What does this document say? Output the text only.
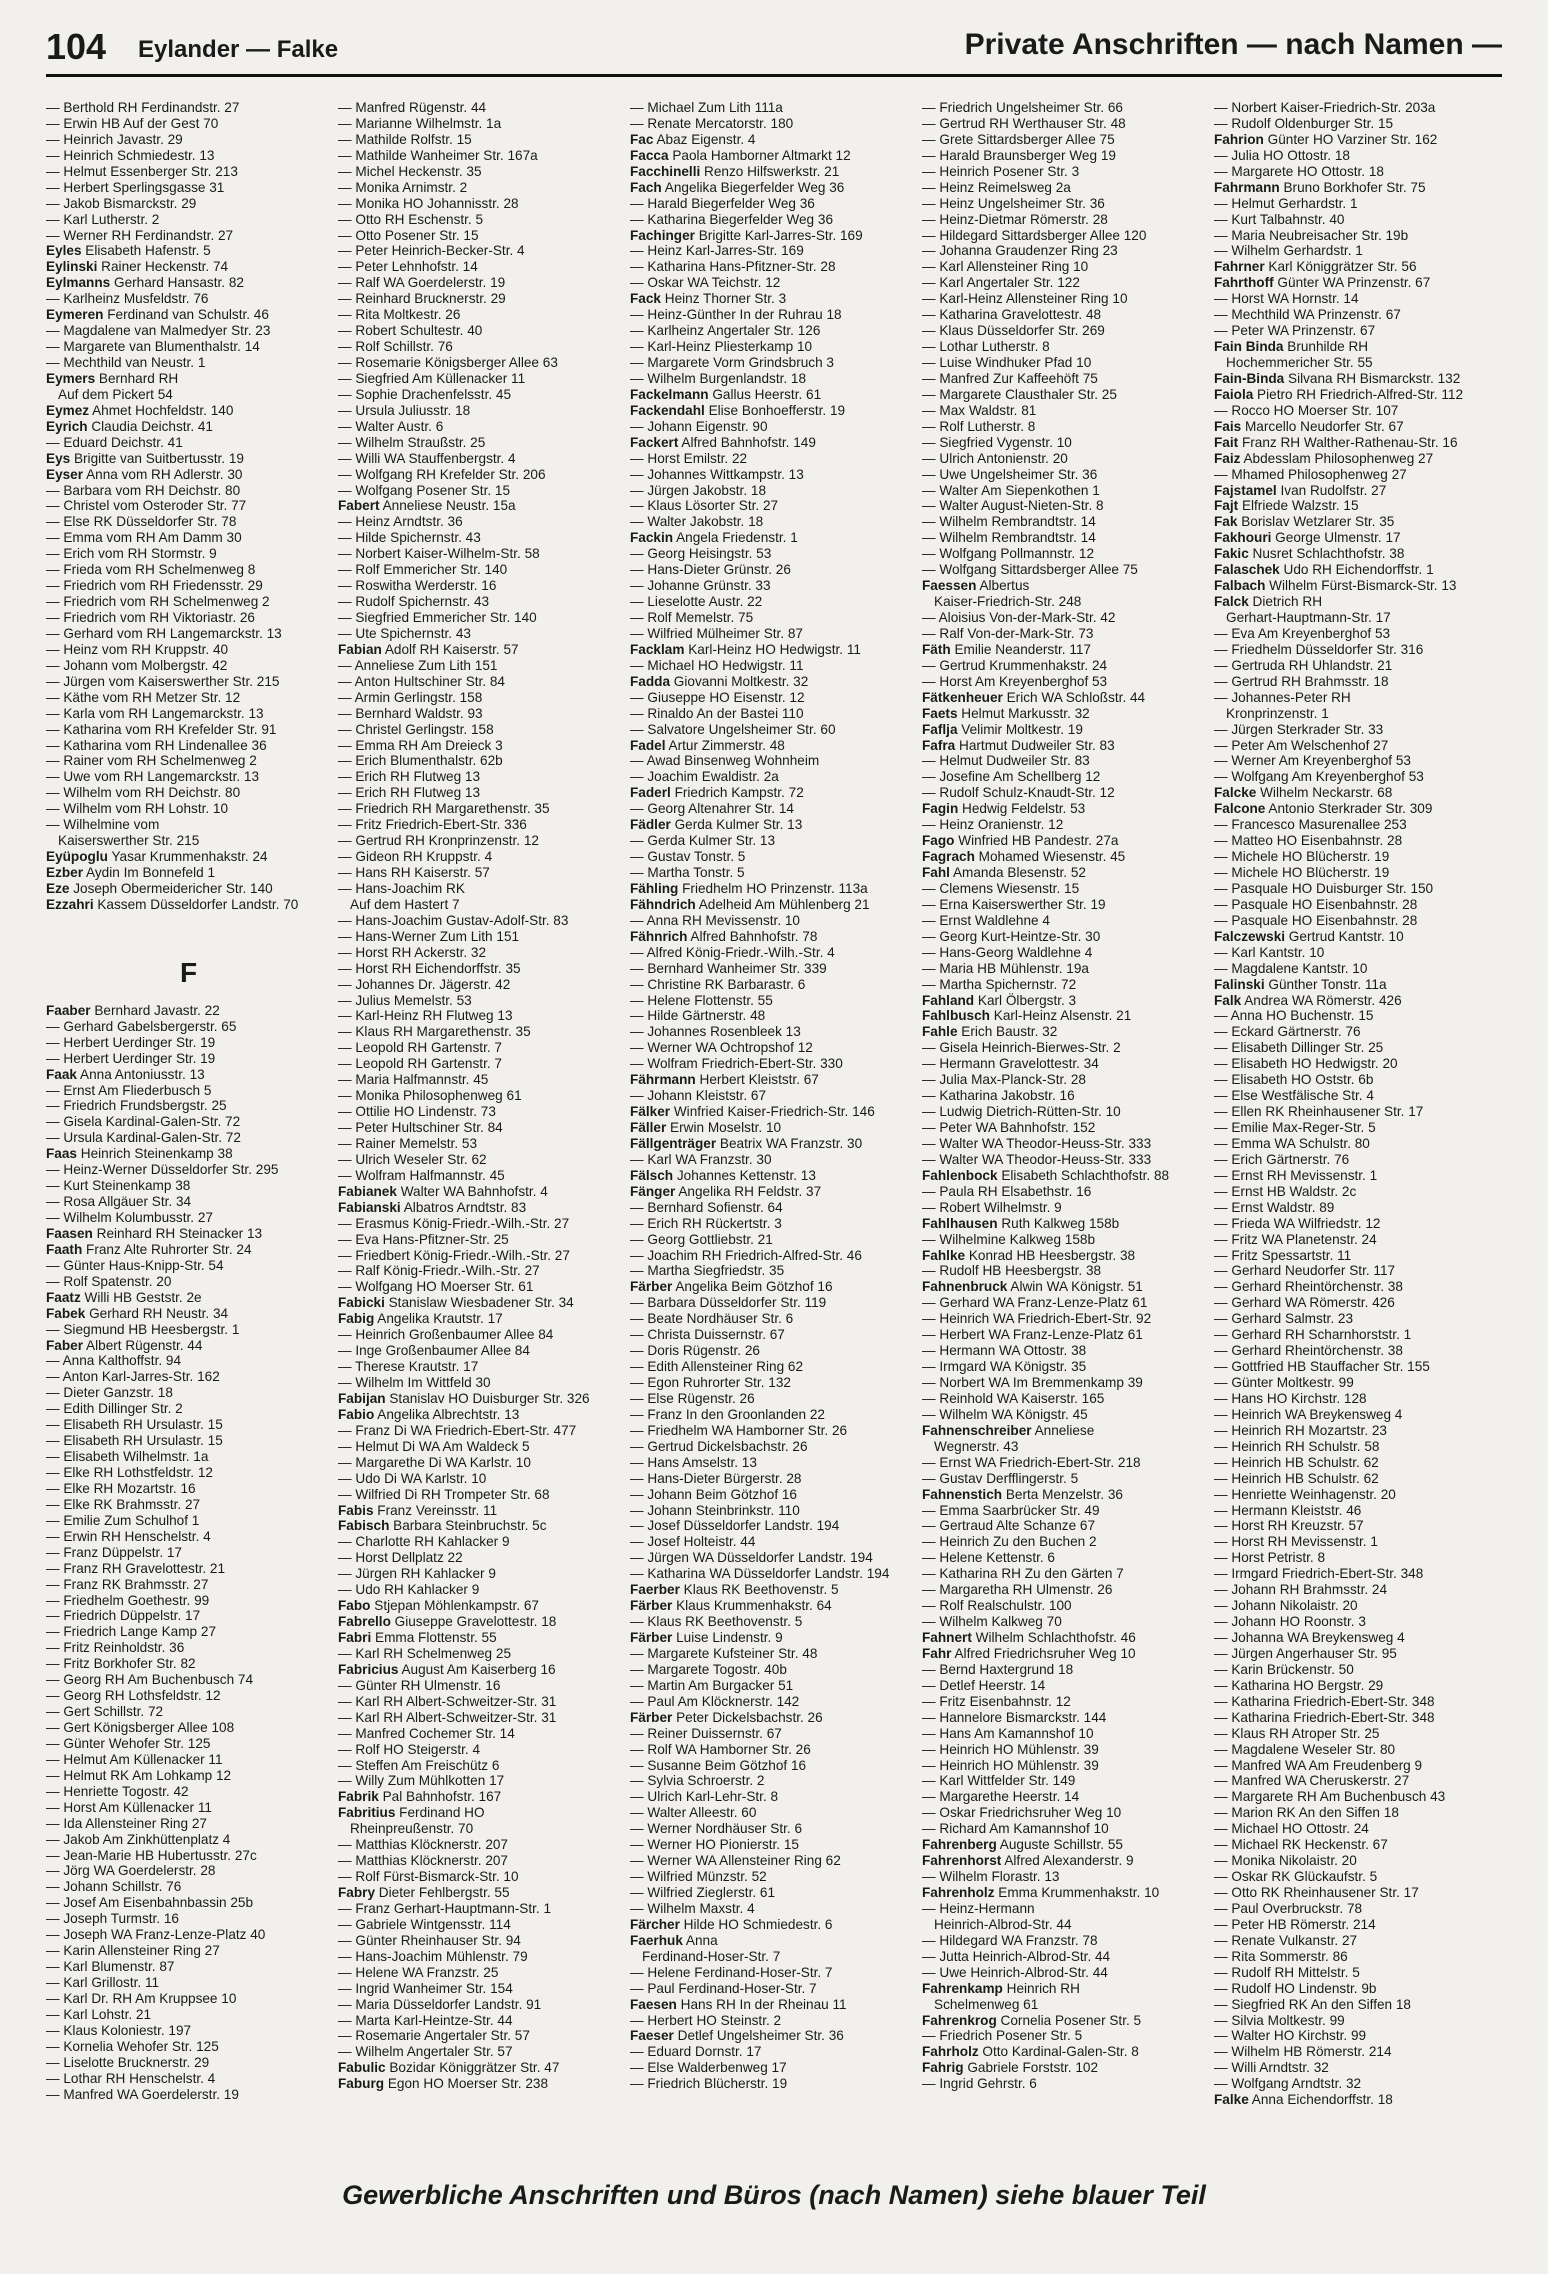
104 Eylander — Falke	Private Anschriften — nach Namen —
— Berthold RH Ferdinandstr. 27
— Erwin HB Auf der Gest 70
— Heinrich Javastr. 29
— Heinrich Schmiedestr. 13
— Helmut Essenberger Str. 213
— Herbert Sperlingsgasse 31
— Jakob Bismarckstr. 29
— Karl Lutherstr. 2
— Werner RH Ferdinandstr. 27
Eyles Elisabeth Hafenstr. 5
Eylinski Rainer Heckenstr. 74
Eylmanns Gerhard Hansastr. 82
— Karlheinz Musfeldstr. 76
Eymeren Ferdinand van Schulstr. 46
— Magdalene van Malmedyer Str. 23
— Margarete van Blumenthalstr. 14
— Mechthild van Neustr. 1
Eymers Bernhard RH
Auf dem Pickert 54
Eymez Ahmet Hochfeldstr. 140
Eyrich Claudia Deichstr. 41
— Eduard Deichstr. 41
Eys Brigitte van Suitbertusstr. 19
Eyser Anna vom RH Adlerstr. 30
— Barbara vom RH Deichstr. 80
— Christel vom Osteroder Str. 77
— Else RK Düsseldorfer Str. 78
— Emma vom RH Am Damm 30
— Erich vom RH Stormstr. 9
— Frieda vom RH Schelmenweg 8
— Friedrich vom RH Friedensstr. 29
— Friedrich vom RH Schelmenweg 2
— Friedrich vom RH Viktoriastr. 26
— Gerhard vom RH Langemarckstr. 13
— Heinz vom RH Kruppstr. 40
— Johann vom Molbergstr. 42
— Jürgen vom Kaiserswerther Str. 215
— Käthe vom RH Metzer Str. 12
— Karla vom RH Langemarckstr. 13
— Katharina vom RH Krefelder Str. 91
— Katharina vom RH Lindenallee 36
— Rainer vom RH Schelmenweg 2
— Uwe vom RH Langemarckstr. 13
— Wilhelm vom RH Deichstr. 80
— Wilhelm vom RH Lohstr. 10
— Wilhelmine vom
Kaiserswerther Str. 215
Eyüpoglu Yasar Krummenhakstr. 24
Ezber Aydin Im Bonnefeld 1
Eze Joseph Obermeidericher Str. 140
Ezzahri Kassem Düsseldorfer Landstr. 70
F
Faaber Bernhard Javastr. 22
— Gerhard Gabelsbergerstr. 65
— Herbert Uerdinger Str. 19
— Herbert Uerdinger Str. 19
Faak Anna Antoniusstr. 13
— Ernst Am Fliederbusch 5
— Friedrich Frundsbergstr. 25
— Gisela Kardinal-Galen-Str. 72
— Ursula Kardinal-Galen-Str. 72
Faas Heinrich Steinenkamp 38
— Heinz-Werner Düsseldorfer Str. 295
— Kurt Steinenkamp 38
— Rosa Allgäuer Str. 34
— Wilhelm Kolumbusstr. 27
Faasen Reinhard RH Steinacker 13
Faath Franz Alte Ruhrorter Str. 24
— Günter Haus-Knipp-Str. 54
— Rolf Spatenstr. 20
Faatz Willi HB Geststr. 2e
Fabek Gerhard RH Neustr. 34
— Siegmund HB Heesbergstr. 1
Faber Albert Rügenstr. 44
— Anna Kalthoffstr. 94
— Anton Karl-Jarres-Str. 162
— Dieter Ganzstr. 18
— Edith Dillinger Str. 2
— Elisabeth RH Ursulastr. 15
— Elisabeth RH Ursulastr. 15
— Elisabeth Wilhelmstr. 1a
— Elke RH Lothstfeldstr. 12
— Elke RH Mozartstr. 16
— Elke RK Brahmsstr. 27
— Emilie Zum Schulhof 1
— Erwin RH Henschelstr. 4
— Franz Düppelstr. 17
— Franz RH Gravelottestr. 21
— Franz RK Brahmsstr. 27
— Friedhelm Goethestr. 99
— Friedrich Düppelstr. 17
— Friedrich Lange Kamp 27
— Fritz Reinholdstr. 36
— Fritz Borkhofer Str. 82
— Georg RH Am Buchenbusch 74
— Georg RH Lothsfeldstr. 12
— Gert Schillstr. 72
— Gert Königsberger Allee 108
— Günter Wehofer Str. 125
— Helmut Am Küllenacker 11
— Helmut RK Am Lohkamp 12
— Henriette Togostr. 42
— Horst Am Küllenacker 11
— Ida Allensteiner Ring 27
— Jakob Am Zinkhüttenplatz 4
— Jean-Marie HB Hubertusstr. 27c
— Jörg WA Goerdelerstr. 28
— Johann Schillstr. 76
— Josef Am Eisenbahnbassin 25b
— Joseph Turmstr. 16
— Joseph WA Franz-Lenze-Platz 40
— Karin Allensteiner Ring 27
— Karl Blumenstr. 87
— Karl Grillostr. 11
— Karl Dr. RH Am Kruppsee 10
— Karl Lohstr. 21
— Klaus Koloniestr. 197
— Kornelia Wehofer Str. 125
— Liselotte Brucknerstr. 29
— Lothar RH Henschelstr. 4
— Manfred WA Goerdelerstr. 19
— Manfred Rügenstr. 44
— Marianne Wilhelmstr. 1a
— Mathilde Rolfstr. 15
— Mathilde Wanheimer Str. 167a
— Michel Heckenstr. 35
— Monika Arnimstr. 2
— Monika HO Johannisstr. 28
— Otto RH Eschenstr. 5
— Otto Posener Str. 15
— Peter Heinrich-Becker-Str. 4
— Peter Lehnhofstr. 14
— Ralf WA Goerdelerstr. 19
— Reinhard Brucknerstr. 29
— Rita Moltkestr. 26
— Robert Schultestr. 40
— Rolf Schillstr. 76
— Rosemarie Königsberger Allee 63
— Siegfried Am Küllenacker 11
— Sophie Drachenfelsstr. 45
— Ursula Juliusstr. 18
— Walter Austr. 6
— Wilhelm Straußstr. 25
— Willi WA Stauffenbergstr. 4
— Wolfgang RH Krefelder Str. 206
— Wolfgang Posener Str. 15
Fabert Anneliese Neustr. 15a
— Heinz Arndtstr. 36
— Hilde Spichernstr. 43
— Norbert Kaiser-Wilhelm-Str. 58
— Rolf Emmericher Str. 140
— Roswitha Werderstr. 16
— Rudolf Spichernstr. 43
— Siegfried Emmericher Str. 140
— Ute Spichernstr. 43
Fabian Adolf RH Kaiserstr. 57
— Anneliese Zum Lith 151
— Anton Hultschiner Str. 84
— Armin Gerlingstr. 158
— Bernhard Waldstr. 93
— Christel Gerlingstr. 158
— Emma RH Am Dreieck 3
— Erich Blumenthalstr. 62b
— Erich RH Flutweg 13
— Erich RH Flutweg 13
— Friedrich RH Margarethenstr. 35
— Fritz Friedrich-Ebert-Str. 336
— Gertrud RH Kronprinzenstr. 12
— Gideon RH Kruppstr. 4
— Hans RH Kaiserstr. 57
— Hans-Joachim RK
Auf dem Hastert 7
— Hans-Joachim Gustav-Adolf-Str. 83
— Hans-Werner Zum Lith 151
— Horst RH Ackerstr. 32
— Horst RH Eichendorffstr. 35
— Johannes Dr. Jägerstr. 42
— Julius Memelstr. 53
— Karl-Heinz RH Flutweg 13
— Klaus RH Margarethenstr. 35
— Leopold RH Gartenstr. 7
— Leopold RH Gartenstr. 7
— Maria Halfmannstr. 45
— Monika Philosophenweg 61
— Ottilie HO Lindenstr. 73
— Peter Hultschiner Str. 84
— Rainer Memelstr. 53
— Ulrich Weseler Str. 62
— Wolfram Halfmannstr. 45
Fabianek Walter WA Bahnhofstr. 4
Fabianski Albatros Arndtstr. 83
— Erasmus König-Friedr.-Wilh.-Str. 27
— Eva Hans-Pfitzner-Str. 25
— Friedbert König-Friedr.-Wilh.-Str. 27
— Ralf König-Friedr.-Wilh.-Str. 27
— Wolfgang HO Moerser Str. 61
Fabicki Stanislaw Wiesbadener Str. 34
Fabig Angelika Krautstr. 17
— Heinrich Großenbaumer Allee 84
— Inge Großenbaumer Allee 84
— Therese Krautstr. 17
— Wilhelm Im Wittfeld 30
Fabijan Stanislav HO Duisburger Str. 326
Fabio Angelika Albrechtstr. 13
— Franz Di WA Friedrich-Ebert-Str. 477
— Helmut Di WA Am Waldeck 5
— Margarethe Di WA Karlstr. 10
— Udo Di WA Karlstr. 10
— Wilfried Di RH Trompeter Str. 68
Fabis Franz Vereinsstr. 11
Fabisch Barbara Steinbruchstr. 5c
— Charlotte RH Kahlacker 9
— Horst Dellplatz 22
— Jürgen RH Kahlacker 9
— Udo RH Kahlacker 9
Fabo Stjepan Möhlenkampstr. 67
Fabrello Giuseppe Gravelottestr. 18
Fabri Emma Flottenstr. 55
— Karl RH Schelmenweg 25
Fabricius August Am Kaiserberg 16
— Günter RH Ulmenstr. 16
— Karl RH Albert-Schweitzer-Str. 31
— Karl RH Albert-Schweitzer-Str. 31
— Manfred Cochemer Str. 14
— Rolf HO Steigerstr. 4
— Steffen Am Freischütz 6
— Willy Zum Mühlkotten 17
Fabrik Pal Bahnhofstr. 167
Fabritius Ferdinand HO
Rheinpreußenstr. 70
— Matthias Klöcknerstr. 207
— Matthias Klöcknerstr. 207
— Rolf Fürst-Bismarck-Str. 10
Fabry Dieter Fehlbergstr. 55
— Franz Gerhart-Hauptmann-Str. 1
— Gabriele Wintgensstr. 114
— Günter Rheinhauser Str. 94
— Hans-Joachim Mühlenstr. 79
— Helene WA Franzstr. 25
— Ingrid Wanheimer Str. 154
— Maria Düsseldorfer Landstr. 91
— Marta Karl-Heintze-Str. 44
— Rosemarie Angertaler Str. 57
— Wilhelm Angertaler Str. 57
Fabulic Bozidar Königgrätzer Str. 47
Faburg Egon HO Moerser Str. 238
— Michael Zum Lith 111a
— Renate Mercatorstr. 180
Fac Abaz Eigenstr. 4
Facca Paola Hamborner Altmarkt 12
Facchinelli Renzo Hilfswerkstr. 21
Fach Angelika Biegerfelder Weg 36
— Harald Biegerfelder Weg 36
— Katharina Biegerfelder Weg 36
Fachinger Brigitte Karl-Jarres-Str. 169
— Heinz Karl-Jarres-Str. 169
— Katharina Hans-Pfitzner-Str. 28
— Oskar WA Teichstr. 12
Fack Heinz Thorner Str. 3
— Heinz-Günther In der Ruhrau 18
— Karlheinz Angertaler Str. 126
— Karl-Heinz Pliesterkamp 10
— Margarete Vorm Grindsbruch 3
— Wilhelm Burgenlandstr. 18
Fackelmann Gallus Heerstr. 61
Fackendahl Elise Bonhoefferstr. 19
— Johann Eigenstr. 90
Fackert Alfred Bahnhofstr. 149
— Horst Emilstr. 22
— Johannes Wittkampstr. 13
— Jürgen Jakobstr. 18
— Klaus Lösorter Str. 27
— Walter Jakobstr. 18
Fackin Angela Friedenstr. 1
— Georg Heisingstr. 53
— Hans-Dieter Grünstr. 26
— Johanne Grünstr. 33
— Lieselotte Austr. 22
— Rolf Memelstr. 75
— Wilfried Mülheimer Str. 87
Facklam Karl-Heinz HO Hedwigstr. 11
— Michael HO Hedwigstr. 11
Fadda Giovanni Moltkestr. 32
— Giuseppe HO Eisenstr. 12
— Rinaldo An der Bastei 110
— Salvatore Ungelsheimer Str. 60
Fadel Artur Zimmerstr. 48
— Awad Binsenweg Wohnheim
— Joachim Ewaldistr. 2a
Faderl Friedrich Kampstr. 72
— Georg Altenahrer Str. 14
Fädler Gerda Kulmer Str. 13
— Gerda Kulmer Str. 13
— Gustav Tonstr. 5
— Martha Tonstr. 5
Fähling Friedhelm HO Prinzenstr. 113a
Fähndrich Adelheid Am Mühlenberg 21
— Anna RH Mevissenstr. 10
Fähnrich Alfred Bahnhofstr. 78
— Alfred König-Friedr.-Wilh.-Str. 4
— Bernhard Wanheimer Str. 339
— Christine RK Barbarastr. 6
— Helene Flottenstr. 55
— Hilde Gärtnerstr. 48
— Johannes Rosenbleek 13
— Werner WA Ochtropshof 12
— Wolfram Friedrich-Ebert-Str. 330
Fährmann Herbert Kleiststr. 67
— Johann Kleiststr. 67
Fälker Winfried Kaiser-Friedrich-Str. 146
Fäller Erwin Moselstr. 10
Fällgenträger Beatrix WA Franzstr. 30
— Karl WA Franzstr. 30
Fälsch Johannes Kettenstr. 13
Fänger Angelika RH Feldstr. 37
— Bernhard Sofienstr. 64
— Erich RH Rückertstr. 3
— Georg Gottliebstr. 21
— Joachim RH Friedrich-Alfred-Str. 46
— Martha Siegfriedstr. 35
Färber Angelika Beim Götzhof 16
— Barbara Düsseldorfer Str. 119
— Beate Nordhäuser Str. 6
— Christa Duissernstr. 67
— Doris Rügenstr. 26
— Edith Allensteiner Ring 62
— Egon Ruhrorter Str. 132
— Else Rügenstr. 26
— Franz In den Groonlanden 22
— Friedhelm WA Hamborner Str. 26
— Gertrud Dickelsbachstr. 26
— Hans Amselstr. 13
— Hans-Dieter Bürgerstr. 28
— Johann Beim Götzhof 16
— Johann Steinbrinkstr. 110
— Josef Düsseldorfer Landstr. 194
— Josef Holteistr. 44
— Jürgen WA Düsseldorfer Landstr. 194
— Katharina WA Düsseldorfer Landstr. 194
Faerber Klaus RK Beethovenstr. 5
Färber Klaus Krummenhakstr. 64
— Klaus RK Beethovenstr. 5
Färber Luise Lindenstr. 9
— Margarete Kufsteiner Str. 48
— Margarete Togostr. 40b
— Martin Am Burgacker 51
— Paul Am Klöcknerstr. 142
Färber Peter Dickelsbachstr. 26
— Reiner Duissernstr. 67
— Rolf WA Hamborner Str. 26
— Susanne Beim Götzhof 16
— Sylvia Schroerstr. 2
— Ulrich Karl-Lehr-Str. 8
— Walter Alleestr. 60
— Werner Nordhäuser Str. 6
— Werner HO Pionierstr. 15
— Werner WA Allensteiner Ring 62
— Wilfried Münzstr. 52
— Wilfried Zieglerstr. 61
— Wilhelm Maxstr. 4
Färcher Hilde HO Schmiedestr. 6
Faerhuk Anna
Ferdinand-Hoser-Str. 7
— Helene Ferdinand-Hoser-Str. 7
— Paul Ferdinand-Hoser-Str. 7
Faesen Hans RH In der Rheinau 11
— Herbert HO Steinstr. 2
Faeser Detlef Ungelsheimer Str. 36
— Eduard Dornstr. 17
— Else Walderbenweg 17
— Friedrich Blücherstr. 19
— Friedrich Ungelsheimer Str. 66
— Gertrud RH Werthauser Str. 48
— Grete Sittardsberger Allee 75
— Harald Braunsberger Weg 19
— Heinrich Posener Str. 3
— Heinz Reimelsweg 2a
— Heinz Ungelsheimer Str. 36
— Heinz-Dietmar Römerstr. 28
— Hildegard Sittardsberger Allee 120
— Johanna Graudenzer Ring 23
— Karl Allensteiner Ring 10
— Karl Angertaler Str. 122
— Karl-Heinz Allensteiner Ring 10
— Katharina Gravelottestr. 48
— Klaus Düsseldorfer Str. 269
— Lothar Lutherstr. 8
— Luise Windhuker Pfad 10
— Manfred Zur Kaffeehöft 75
— Margarete Clausthaler Str. 25
— Max Waldstr. 81
— Rolf Lutherstr. 8
— Siegfried Vygenstr. 10
— Ulrich Antonienstr. 20
— Uwe Ungelsheimer Str. 36
— Walter Am Siepenkothen 1
— Walter August-Nieten-Str. 8
— Wilhelm Rembrandtstr. 14
— Wilhelm Rembrandtstr. 14
— Wolfgang Pollmannstr. 12
— Wolfgang Sittardsberger Allee 75
Faessen Albertus
Kaiser-Friedrich-Str. 248
— Aloisius Von-der-Mark-Str. 42
— Ralf Von-der-Mark-Str. 73
Fäth Emilie Neanderstr. 117
— Gertrud Krummenhakstr. 24
— Horst Am Kreyenberghof 53
Fätkenheuer Erich WA Schloßstr. 44
Faets Helmut Markusstr. 32
Faflja Velimir Moltkestr. 19
Fafra Hartmut Dudweiler Str. 83
— Helmut Dudweiler Str. 83
— Josefine Am Schellberg 12
— Rudolf Schulz-Knaudt-Str. 12
Fagin Hedwig Feldelstr. 53
— Heinz Oranienstr. 12
Fago Winfried HB Pandestr. 27a
Fagrach Mohamed Wiesenstr. 45
Fahl Amanda Blesenstr. 52
— Clemens Wiesenstr. 15
— Erna Kaiserswerther Str. 19
— Ernst Waldlehne 4
— Georg Kurt-Heintze-Str. 30
— Hans-Georg Waldlehne 4
— Maria HB Mühlenstr. 19a
— Martha Spichernstr. 72
Fahland Karl Ölbergstr. 3
Fahlbusch Karl-Heinz Alsenstr. 21
Fahle Erich Baustr. 32
— Gisela Heinrich-Bierwes-Str. 2
— Hermann Gravelottestr. 34
— Julia Max-Planck-Str. 28
— Katharina Jakobstr. 16
— Ludwig Dietrich-Rütten-Str. 10
— Peter WA Bahnhofstr. 152
— Walter WA Theodor-Heuss-Str. 333
— Walter WA Theodor-Heuss-Str. 333
Fahlenbock Elisabeth Schlachthofstr. 88
— Paula RH Elsabethstr. 16
— Robert Wilhelmstr. 9
Fahlhausen Ruth Kalkweg 158b
— Wilhelmine Kalkweg 158b
Fahlke Konrad HB Heesbergstr. 38
— Rudolf HB Heesbergstr. 38
Fahnenbruck Alwin WA Königstr. 51
— Gerhard WA Franz-Lenze-Platz 61
— Heinrich WA Friedrich-Ebert-Str. 92
— Herbert WA Franz-Lenze-Platz 61
— Hermann WA Ottostr. 38
— Irmgard WA Königstr. 35
— Norbert WA Im Bremmenkamp 39
— Reinhold WA Kaiserstr. 165
— Wilhelm WA Königstr. 45
Fahnenschreiber Anneliese
Wegnerstr. 43
— Ernst WA Friedrich-Ebert-Str. 218
— Gustav Derfflingerstr. 5
Fahnenstich Berta Menzelstr. 36
— Emma Saarbrücker Str. 49
— Gertraud Alte Schanze 67
— Heinrich Zu den Buchen 2
— Helene Kettenstr. 6
— Katharina RH Zu den Gärten 7
— Margaretha RH Ulmenstr. 26
— Rolf Realschulstr. 100
— Wilhelm Kalkweg 70
Fahnert Wilhelm Schlachthofstr. 46
Fahr Alfred Friedrichsruher Weg 10
— Bernd Haxtergrund 18
— Detlef Heerstr. 14
— Fritz Eisenbahnstr. 12
— Hannelore Bismarckstr. 144
— Hans Am Kamannshof 10
— Heinrich HO Mühlenstr. 39
— Heinrich HO Mühlenstr. 39
— Karl Wittfelder Str. 149
— Margarethe Heerstr. 14
— Oskar Friedrichsruher Weg 10
— Richard Am Kamannshof 10
Fahrenberg Auguste Schillstr. 55
Fahrenhorst Alfred Alexanderstr. 9
— Wilhelm Florastr. 13
Fahrenholz Emma Krummenhakstr. 10
— Heinz-Hermann
Heinrich-Albrod-Str. 44
— Hildegard WA Franzstr. 78
— Jutta Heinrich-Albrod-Str. 44
— Uwe Heinrich-Albrod-Str. 44
Fahrenkamp Heinrich RH
Schelmenweg 61
Fahrenkrog Cornelia Posener Str. 5
— Friedrich Posener Str. 5
Fahrholz Otto Kardinal-Galen-Str. 8
Fahrig Gabriele Forststr. 102
— Ingrid Gehrstr. 6
— Norbert Kaiser-Friedrich-Str. 203a
— Rudolf Oldenburger Str. 15
Fahrion Günter HO Varziner Str. 162
— Julia HO Ottostr. 18
— Margarete HO Ottostr. 18
Fahrmann Bruno Borkhofer Str. 75
— Helmut Gerhardstr. 1
— Kurt Talbahnstr. 40
— Maria Neubreisacher Str. 19b
— Wilhelm Gerhardstr. 1
Fahrner Karl Königgrätzer Str. 56
Fahrthoff Günter WA Prinzenstr. 67
— Horst WA Hornstr. 14
— Mechthild WA Prinzenstr. 67
— Peter WA Prinzenstr. 67
Fain Binda Brunhilde RH
Hochemmericher Str. 55
Fain-Binda Silvana RH Bismarckstr. 132
Faiola Pietro RH Friedrich-Alfred-Str. 112
— Rocco HO Moerser Str. 107
Fais Marcello Neudorfer Str. 67
Fait Franz RH Walther-Rathenau-Str. 16
Faiz Abdesslam Philosophenweg 27
— Mhamed Philosophenweg 27
Fajstamel Ivan Rudolfstr. 27
Fajt Elfriede Walzstr. 15
Fak Borislav Wetzlarer Str. 35
Fakhouri George Ulmenstr. 17
Fakic Nusret Schlachthofstr. 38
Falaschek Udo RH Eichendorffstr. 1
Falbach Wilhelm Fürst-Bismarck-Str. 13
Falck Dietrich RH
Gerhart-Hauptmann-Str. 17
— Eva Am Kreyenberghof 53
— Friedhelm Düsseldorfer Str. 316
— Gertruda RH Uhlandstr. 21
— Gertrud RH Brahmsstr. 18
— Johannes-Peter RH
Kronprinzenstr. 1
— Jürgen Sterkrader Str. 33
— Peter Am Welschenhof 27
— Werner Am Kreyenberghof 53
— Wolfgang Am Kreyenberghof 53
Falcke Wilhelm Neckarstr. 68
Falcone Antonio Sterkrader Str. 309
— Francesco Masurenallee 253
— Matteo HO Eisenbahnstr. 28
— Michele HO Blücherstr. 19
— Michele HO Blücherstr. 19
— Pasquale HO Duisburger Str. 150
— Pasquale HO Eisenbahnstr. 28
— Pasquale HO Eisenbahnstr. 28
Falczewski Gertrud Kantstr. 10
— Karl Kantstr. 10
— Magdalene Kantstr. 10
Falinski Günther Tonstr. 11a
Falk Andrea WA Römerstr. 426
— Anna HO Buchenstr. 15
— Eckard Gärtnerstr. 76
— Elisabeth Dillinger Str. 25
— Elisabeth HO Hedwigstr. 20
— Elisabeth HO Oststr. 6b
— Else Westfälische Str. 4
— Ellen RK Rheinhausener Str. 17
— Emilie Max-Reger-Str. 5
— Emma WA Schulstr. 80
— Erich Gärtnerstr. 76
— Ernst RH Mevissenstr. 1
— Ernst HB Waldstr. 2c
— Ernst Waldstr. 89
— Frieda WA Wilfriedstr. 12
— Fritz WA Planetenstr. 24
— Fritz Spessartstr. 11
— Gerhard Neudorfer Str. 117
— Gerhard Rheintörchenstr. 38
— Gerhard WA Römerstr. 426
— Gerhard Salmstr. 23
— Gerhard RH Scharnhorststr. 1
— Gerhard Rheintörchenstr. 38
— Gottfried HB Stauffacher Str. 155
— Günter Moltkestr. 99
— Hans HO Kirchstr. 128
— Heinrich WA Breykensweg 4
— Heinrich RH Mozartstr. 23
— Heinrich RH Schulstr. 58
— Heinrich HB Schulstr. 62
— Heinrich HB Schulstr. 62
— Henriette Weinhagenstr. 20
— Hermann Kleiststr. 46
— Horst RH Kreuzstr. 57
— Horst RH Mevissenstr. 1
— Horst Petristr. 8
— Irmgard Friedrich-Ebert-Str. 348
— Johann RH Brahmsstr. 24
— Johann Nikolaistr. 20
— Johann HO Roonstr. 3
— Johanna WA Breykensweg 4
— Jürgen Angerhauser Str. 95
— Karin Brückenstr. 50
— Katharina HO Bergstr. 29
— Katharina Friedrich-Ebert-Str. 348
— Katharina Friedrich-Ebert-Str. 348
— Klaus RH Atroper Str. 25
— Magdalene Weseler Str. 80
— Manfred WA Am Freudenberg 9
— Manfred WA Cheruskerstr. 27
— Margarete RH Am Buchenbusch 43
— Marion RK An den Siffen 18
— Michael HO Ottostr. 24
— Michael RK Heckenstr. 67
— Monika Nikolaistr. 20
— Oskar RK Glückaufstr. 5
— Otto RK Rheinhausener Str. 17
— Paul Overbruckstr. 78
— Peter HB Römerstr. 214
— Renate Vulkanstr. 27
— Rita Sommerstr. 86
— Rudolf RH Mittelstr. 5
— Rudolf HO Lindenstr. 9b
— Siegfried RK An den Siffen 18
— Silvia Moltkestr. 99
— Walter HO Kirchstr. 99
— Wilhelm HB Römerstr. 214
— Willi Arndtstr. 32
— Wolfgang Arndtstr. 32
Falke Anna Eichendorffstr. 18
Gewerbliche Anschriften und Büros (nach Namen) siehe blauer Teil
